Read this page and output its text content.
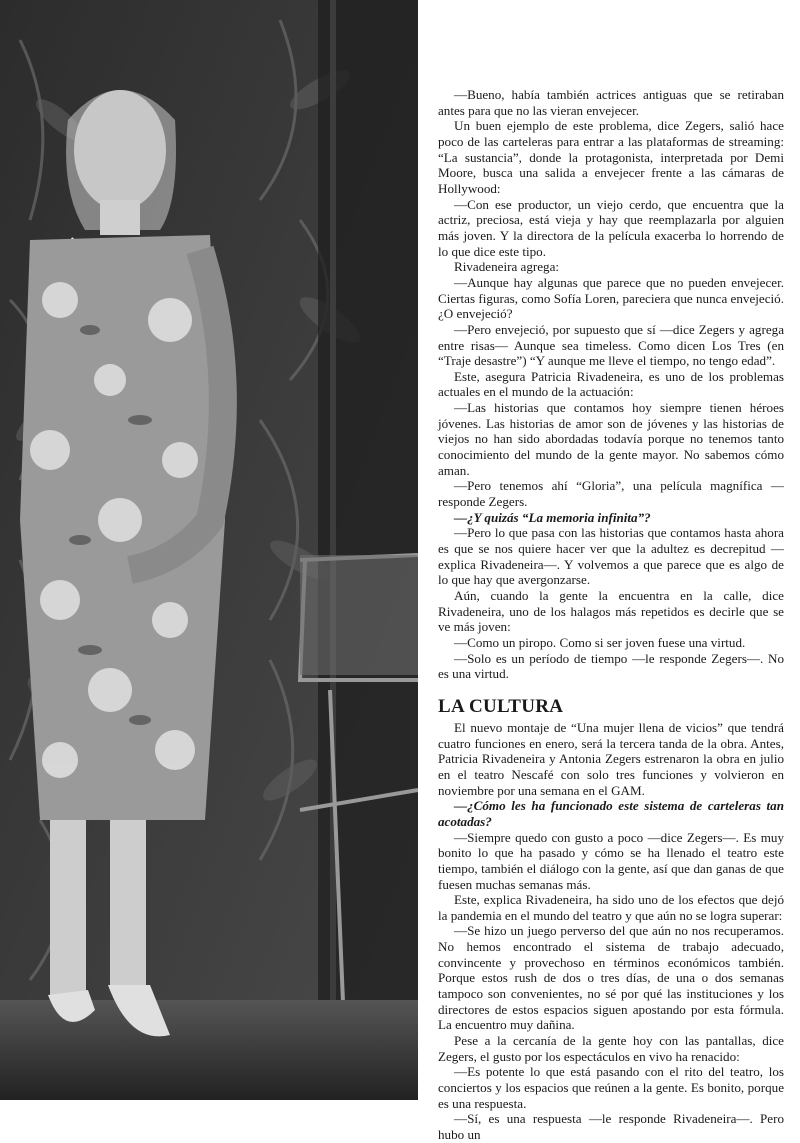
—Bueno, había también actrices antiguas que se retiraban antes para que no las vieran envejecer.

Un buen ejemplo de este problema, dice Zegers, salió hace poco de las carteleras para entrar a las plataformas de streaming: “La sustancia”, donde la protagonista, interpretada por Demi Moore, busca una salida a envejecer frente a las cámaras de Hollywood:

—Con ese productor, un viejo cerdo, que encuentra que la actriz, preciosa, está vieja y hay que reemplazarla por alguien más joven. Y la directora de la película exacerba lo horrendo de lo que dice este tipo.

Rivadeneira agrega:

—Aunque hay algunas que parece que no pueden envejecer. Ciertas figuras, como Sofía Loren, pareciera que nunca envejeció. ¿O envejeció?

—Pero envejeció, por supuesto que sí —dice Zegers y agrega entre risas— Aunque sea timeless. Como dicen Los Tres (en “Traje desastre”) “Y aunque me lleve el tiempo, no tengo edad”.

Este, asegura Patricia Rivadeneira, es uno de los problemas actuales en el mundo de la actuación:

—Las historias que contamos hoy siempre tienen héroes jóvenes. Las historias de amor son de jóvenes y las historias de viejos no han sido abordadas todavía porque no tenemos tanto conocimiento del mundo de la gente mayor. No sabemos cómo aman.

—Pero tenemos ahí “Gloria”, una película magnífica —responde Zegers.

—¿Y quizás “La memoria infinita”?

—Pero lo que pasa con las historias que contamos hasta ahora es que se nos quiere hacer ver que la adultez es decrepitud —explica Rivadeneira—. Y volvemos a que parece que es algo de lo que hay que avergonzarse.

Aún, cuando la gente la encuentra en la calle, dice Rivadeneira, uno de los halagos más repetidos es decirle que se ve más joven:

—Como un piropo. Como si ser joven fuese una virtud.

—Solo es un período de tiempo —le responde Zegers—. No es una virtud.

LA CULTURA

El nuevo montaje de “Una mujer llena de vicios” que tendrá cuatro funciones en enero, será la tercera tanda de la obra. Antes, Patricia Rivadeneira y Antonia Zegers estrenaron la obra en julio en el teatro Nescafé con solo tres funciones y volvieron en noviembre por una semana en el GAM.

—¿Cómo les ha funcionado este sistema de carteleras tan acotadas?

—Siempre quedo con gusto a poco —dice Zegers—. Es muy bonito lo que ha pasado y cómo se ha llenado el teatro este tiempo, también el diálogo con la gente, así que dan ganas de que fuesen muchas semanas más.

Este, explica Rivadeneira, ha sido uno de los efectos que dejó la pandemia en el mundo del teatro y que aún no se logra superar:

—Se hizo un juego perverso del que aún no nos recuperamos. No hemos encontrado el sistema de trabajo adecuado, convincente y provechoso en términos económicos también. Porque estos rush de dos o tres días, de una o dos semanas tampoco son convenientes, no sé por qué las instituciones y los directores de estos espacios siguen apostando por esta fórmula. La encuentro muy dañina.

Pese a la cercanía de la gente hoy con las pantallas, dice Zegers, el gusto por los espectáculos en vivo ha renacido:

—Es potente lo que está pasando con el rito del teatro, los conciertos y los espacios que reúnen a la gente. Es bonito, porque es una respuesta.

—Sí, es una respuesta —le responde Rivadeneira—. Pero hubo un
